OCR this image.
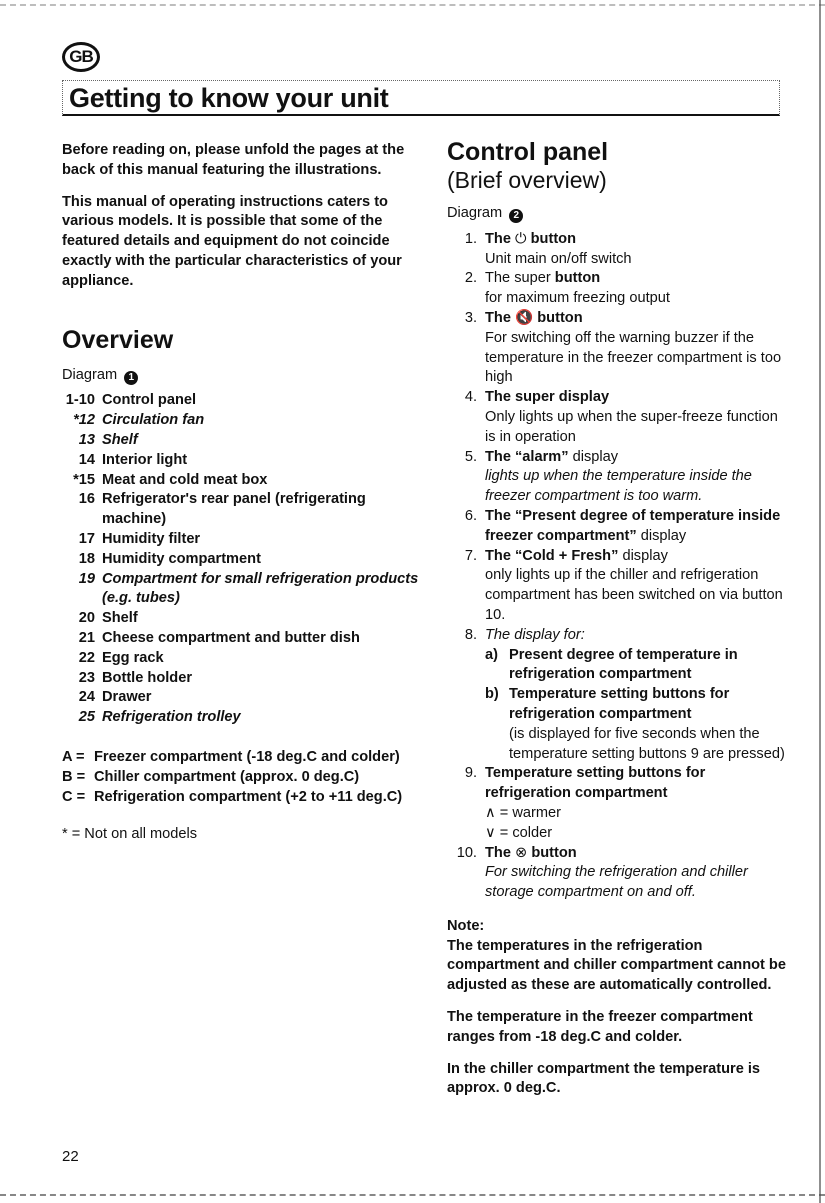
GB
Getting to know your unit

Before reading on, please unfold the pages at the back of this manual featuring the illustrations.

This manual of operating instructions caters to various models. It is possible that some of the featured details and equipment do not coincide exactly with the particular characteristics of your appliance.

Overview
Diagram 1
1-10 Control panel
*12 Circulation fan
13 Shelf
14 Interior light
*15 Meat and cold meat box
16 Refrigerator's rear panel (refrigerating machine)
17 Humidity filter
18 Humidity compartment
19 Compartment for small refrigeration products (e.g. tubes)
20 Shelf
21 Cheese compartment and butter dish
22 Egg rack
23 Bottle holder
24 Drawer
25 Refrigeration trolley
A = Freezer compartment (-18 deg.C and colder)
B = Chiller compartment (approx. 0 deg.C)
C = Refrigeration compartment (+2 to +11 deg.C)

* = Not on all models

Control panel
(Brief overview)
Diagram 2
1. The ⏻ button
Unit main on/off switch
2. The super button
for maximum freezing output
3. The 🔇 button
For switching off the warning buzzer if the temperature in the freezer compartment is too high
4. The super display
Only lights up when the super-freeze function is in operation
5. The “alarm” display
lights up when the temperature inside the freezer compartment is too warm.
6. The “Present degree of temperature inside freezer compartment” display
7. The “Cold + Fresh” display
only lights up if the chiller and refrigeration compartment has been switched on via button 10.
8. The display for:
a) Present degree of temperature in refrigeration compartment
b) Temperature setting buttons for refrigeration compartment
(is displayed for five seconds when the temperature setting buttons 9 are pressed)
9. Temperature setting buttons for refrigeration compartment
∧ = warmer
∨ = colder
10. The ⊗ button
For switching the refrigeration and chiller storage compartment on and off.

Note:

The temperatures in the refrigeration compartment and chiller compartment cannot be adjusted as these are automatically controlled.

The temperature in the freezer compartment ranges from -18 deg.C and colder.

In the chiller compartment the temperature is approx. 0 deg.C.

22
